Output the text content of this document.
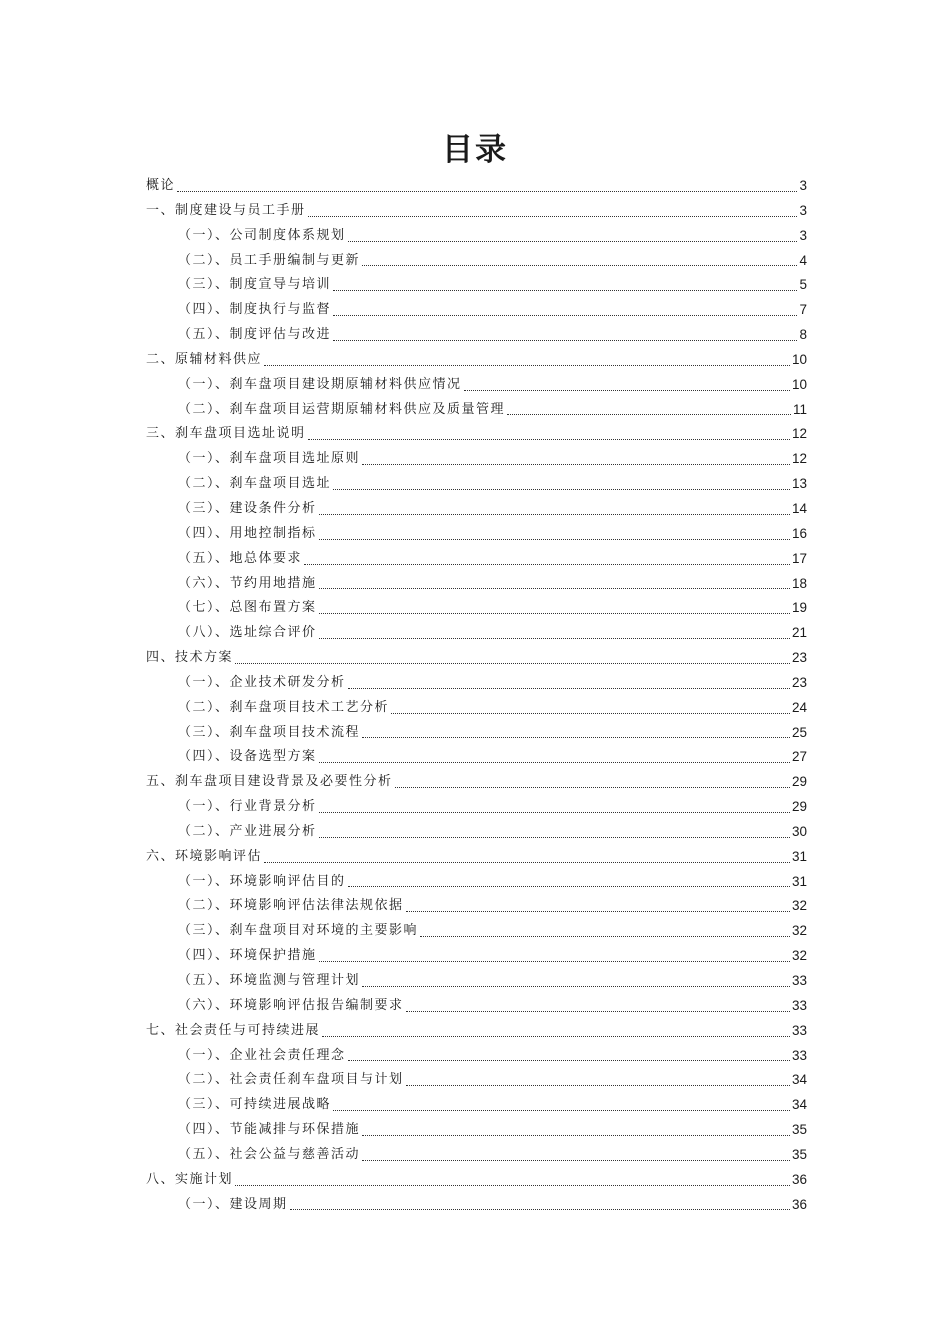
目录
概论	3
一、制度建设与员工手册	3
（一）、公司制度体系规划	3
（二）、员工手册编制与更新	4
（三）、制度宣导与培训	5
（四）、制度执行与监督	7
（五）、制度评估与改进	8
二、原辅材料供应	10
（一）、刹车盘项目建设期原辅材料供应情况	10
（二）、刹车盘项目运营期原辅材料供应及质量管理	11
三、刹车盘项目选址说明	12
（一）、刹车盘项目选址原则	12
（二）、刹车盘项目选址	13
（三）、建设条件分析	14
（四）、用地控制指标	16
（五）、地总体要求	17
（六）、节约用地措施	18
（七）、总图布置方案	19
（八）、选址综合评价	21
四、技术方案	23
（一）、企业技术研发分析	23
（二）、刹车盘项目技术工艺分析	24
（三）、刹车盘项目技术流程	25
（四）、设备选型方案	27
五、刹车盘项目建设背景及必要性分析	29
（一）、行业背景分析	29
（二）、产业进展分析	30
六、环境影响评估	31
（一）、环境影响评估目的	31
（二）、环境影响评估法律法规依据	32
（三）、刹车盘项目对环境的主要影响	32
（四）、环境保护措施	32
（五）、环境监测与管理计划	33
（六）、环境影响评估报告编制要求	33
七、社会责任与可持续进展	33
（一）、企业社会责任理念	33
（二）、社会责任刹车盘项目与计划	34
（三）、可持续进展战略	34
（四）、节能减排与环保措施	35
（五）、社会公益与慈善活动	35
八、实施计划	36
（一）、建设周期	36
